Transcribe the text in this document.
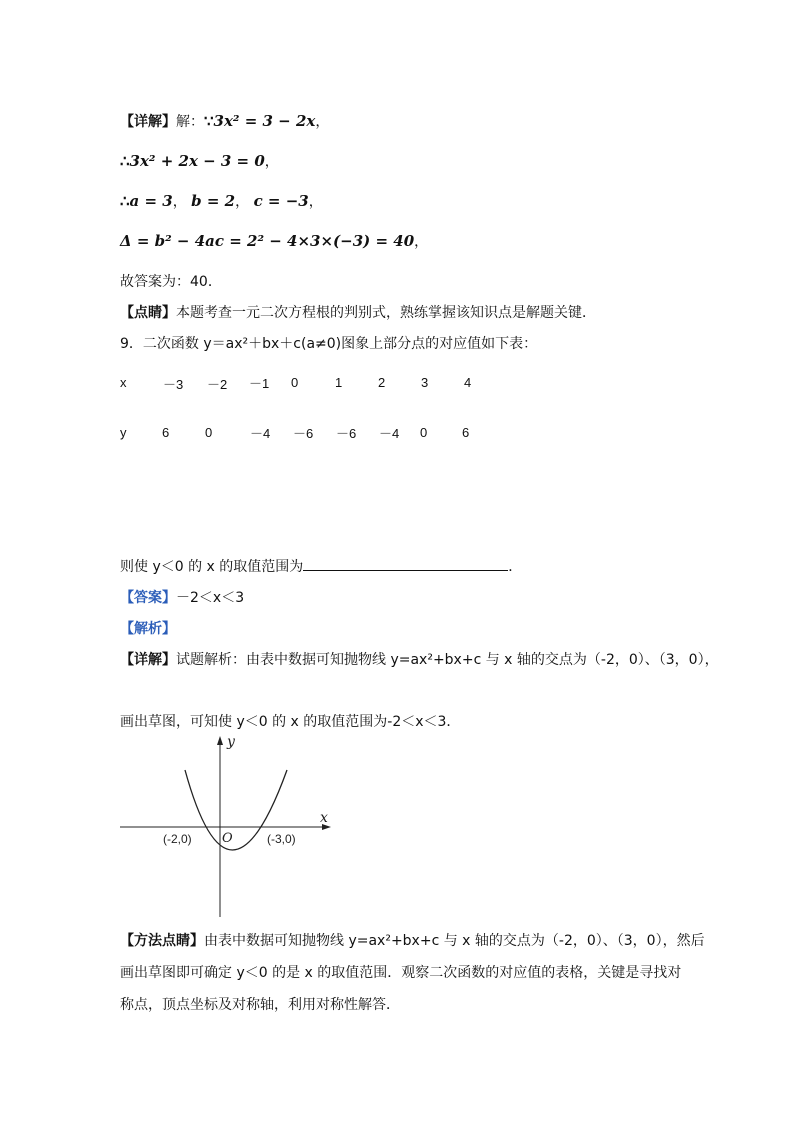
【详解】解：∵3x² = 3 − 2x，
∴3x² + 2x − 3 = 0，
∴a = 3， b = 2， c = −3，
Δ = b² − 4ac = 2² − 4×3×(−3) = 40，
故答案为：40．
【点睛】本题考查一元二次方程根的判别式，熟练掌握该知识点是解题关键．
9．二次函数 y＝ax²＋bx＋c(a≠0)图象上部分点的对应值如下表：
x	－3 －2 －1 0	1	2	3	4
y	6	0	－4 －6 －6 －4 0	6
则使 y＜0 的 x 的取值范围为	．
【答案】－2＜x＜3
【解析】
【详解】试题解析：由表中数据可知抛物线 y=ax²+bx+c 与 x 轴的交点为（-2，0）、（3，0），
画出草图，可知使 y＜0 的 x 的取值范围为-2＜x＜3．
x
y
O
(-2,0)	(-3,0)
【方法点睛】由表中数据可知抛物线 y=ax²+bx+c 与 x 轴的交点为（-2，0）、（3，0），然后
画出草图即可确定 y＜0 的是 x 的取值范围．观察二次函数的对应值的表格，关键是寻找对
称点，顶点坐标及对称轴，利用对称性解答．
